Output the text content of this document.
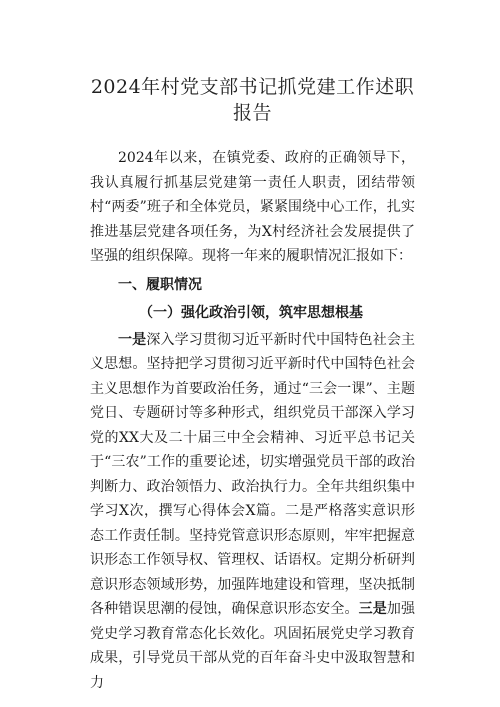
2024年村党支部书记抓党建工作述职报告

2024年以来，在镇党委、政府的正确领导下，我认真履行抓基层党建第一责任人职责，团结带领村“两委”班子和全体党员，紧紧围绕中心工作，扎实推进基层党建各项任务，为X村经济社会发展提供了坚强的组织保障。现将一年来的履职情况汇报如下：

一、履职情况

（一）强化政治引领，筑牢思想根基

一是深入学习贯彻习近平新时代中国特色社会主义思想。坚持把学习贯彻习近平新时代中国特色社会主义思想作为首要政治任务，通过“三会一课”、主题党日、专题研讨等多种形式，组织党员干部深入学习党的XX大及二十届三中全会精神、习近平总书记关于“三农”工作的重要论述，切实增强党员干部的政治判断力、政治领悟力、政治执行力。全年共组织集中学习X次，撰写心得体会X篇。二是严格落实意识形态工作责任制。坚持党管意识形态原则，牢牢把握意识形态工作领导权、管理权、话语权。定期分析研判意识形态领域形势，加强阵地建设和管理，坚决抵制各种错误思潮的侵蚀，确保意识形态安全。三是加强党史学习教育常态化长效化。巩固拓展党史学习教育成果，引导党员干部从党的百年奋斗史中汲取智慧和力
